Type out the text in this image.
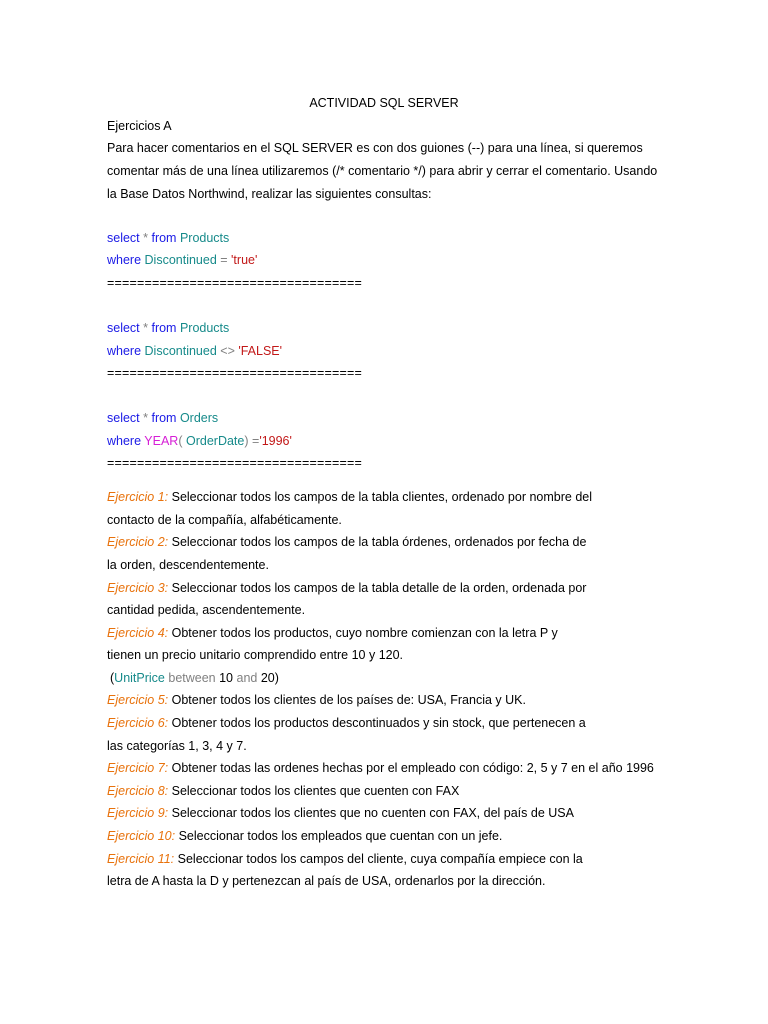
ACTIVIDAD SQL SERVER
Ejercicios A
Para hacer comentarios en el SQL SERVER es con dos guiones (--) para una línea, si queremos
comentar más de una línea utilizaremos (/* comentario */) para abrir y cerrar el comentario. Usando
la Base Datos Northwind, realizar las siguientes consultas:
select * from Products
where Discontinued = 'true'
==================================
select * from Products
where Discontinued <> 'FALSE'
==================================
select * from Orders
where YEAR( OrderDate) ='1996'
==================================
Ejercicio 1: Seleccionar todos los campos de la tabla clientes, ordenado por nombre del
contacto de la compañía, alfabéticamente.
Ejercicio 2: Seleccionar todos los campos de la tabla órdenes, ordenados por fecha de
la orden, descendentemente.
Ejercicio 3: Seleccionar todos los campos de la tabla detalle de la orden, ordenada por
cantidad pedida, ascendentemente.
Ejercicio 4: Obtener todos los productos, cuyo nombre comienzan con la letra P y
tienen un precio unitario comprendido entre 10 y 120.
(UnitPrice between 10 and 20)
Ejercicio 5: Obtener todos los clientes de los países de: USA, Francia y UK.
Ejercicio 6: Obtener todos los productos descontinuados y sin stock, que pertenecen a
las categorías 1, 3, 4 y 7.
Ejercicio 7: Obtener todas las ordenes hechas por el empleado con código: 2, 5 y 7 en el año 1996
Ejercicio 8: Seleccionar todos los clientes que cuenten con FAX
Ejercicio 9: Seleccionar todos los clientes que no cuenten con FAX, del país de USA
Ejercicio 10: Seleccionar todos los empleados que cuentan con un jefe.
Ejercicio 11: Seleccionar todos los campos del cliente, cuya compañía empiece con la
letra de A hasta la D y pertenezcan al país de USA, ordenarlos por la dirección.
